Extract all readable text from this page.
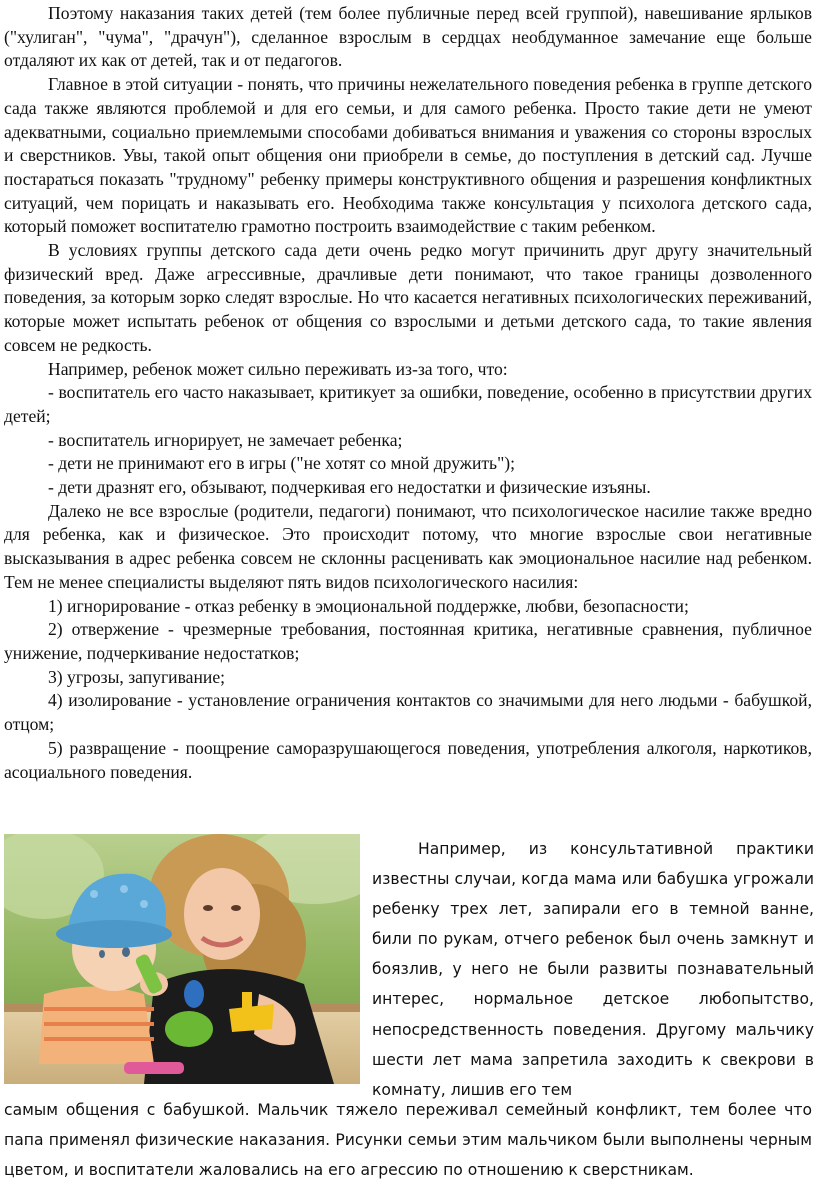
Поэтому наказания таких детей (тем более публичные перед всей группой), навешивание ярлыков ("хулиган", "чума", "драчун"), сделанное взрослым в сердцах необдуманное замечание еще больше отдаляют их как от детей, так и от педагогов.

Главное в этой ситуации - понять, что причины нежелательного поведения ребенка в группе детского сада также являются проблемой и для его семьи, и для самого ребенка. Просто такие дети не умеют адекватными, социально приемлемыми способами добиваться внимания и уважения со стороны взрослых и сверстников. Увы, такой опыт общения они приобрели в семье, до поступления в детский сад. Лучше постараться показать "трудному" ребенку примеры конструктивного общения и разрешения конфликтных ситуаций, чем порицать и наказывать его. Необходима также консультация у психолога детского сада, который поможет воспитателю грамотно построить взаимодействие с таким ребенком.

В условиях группы детского сада дети очень редко могут причинить друг другу значительный физический вред. Даже агрессивные, драчливые дети понимают, что такое границы дозволенного поведения, за которым зорко следят взрослые. Но что касается негативных психологических переживаний, которые может испытать ребенок от общения со взрослыми и детьми детского сада, то такие явления совсем не редкость.

Например, ребенок может сильно переживать из-за того, что:

- воспитатель его часто наказывает, критикует за ошибки, поведение, особенно в присутствии других детей;

- воспитатель игнорирует, не замечает ребенка;

- дети не принимают его в игры ("не хотят со мной дружить");

- дети дразнят его, обзывают, подчеркивая его недостатки и физические изъяны.

Далеко не все взрослые (родители, педагоги) понимают, что психологическое насилие также вредно для ребенка, как и физическое. Это происходит потому, что многие взрослые свои негативные высказывания в адрес ребенка совсем не склонны расценивать как эмоциональное насилие над ребенком. Тем не менее специалисты выделяют пять видов психологического насилия:

1) игнорирование - отказ ребенку в эмоциональной поддержке, любви, безопасности;

2) отвержение - чрезмерные требования, постоянная критика, негативные сравнения, публичное унижение, подчеркивание недостатков;

3) угрозы, запугивание;

4) изолирование - установление ограничения контактов со значимыми для него людьми - бабушкой, отцом;

5) развращение - поощрение саморазрушающегося поведения, употребления алкоголя, наркотиков, асоциального поведения.

Например, из консультативной практики известны случаи, когда мама или бабушка угрожали ребенку трех лет, запирали его в темной ванне, били по рукам, отчего ребенок был очень замкнут и боязлив, у него не были развиты познавательный интерес, нормальное детское любопытство, непосредственность поведения. Другому мальчику шести лет мама запретила заходить к свекрови в комнату, лишив его тем

самым общения с бабушкой. Мальчик тяжело переживал семейный конфликт, тем более что папа применял физические наказания. Рисунки семьи этим мальчиком были выполнены черным цветом, и воспитатели жаловались на его агрессию по отношению к сверстникам.
